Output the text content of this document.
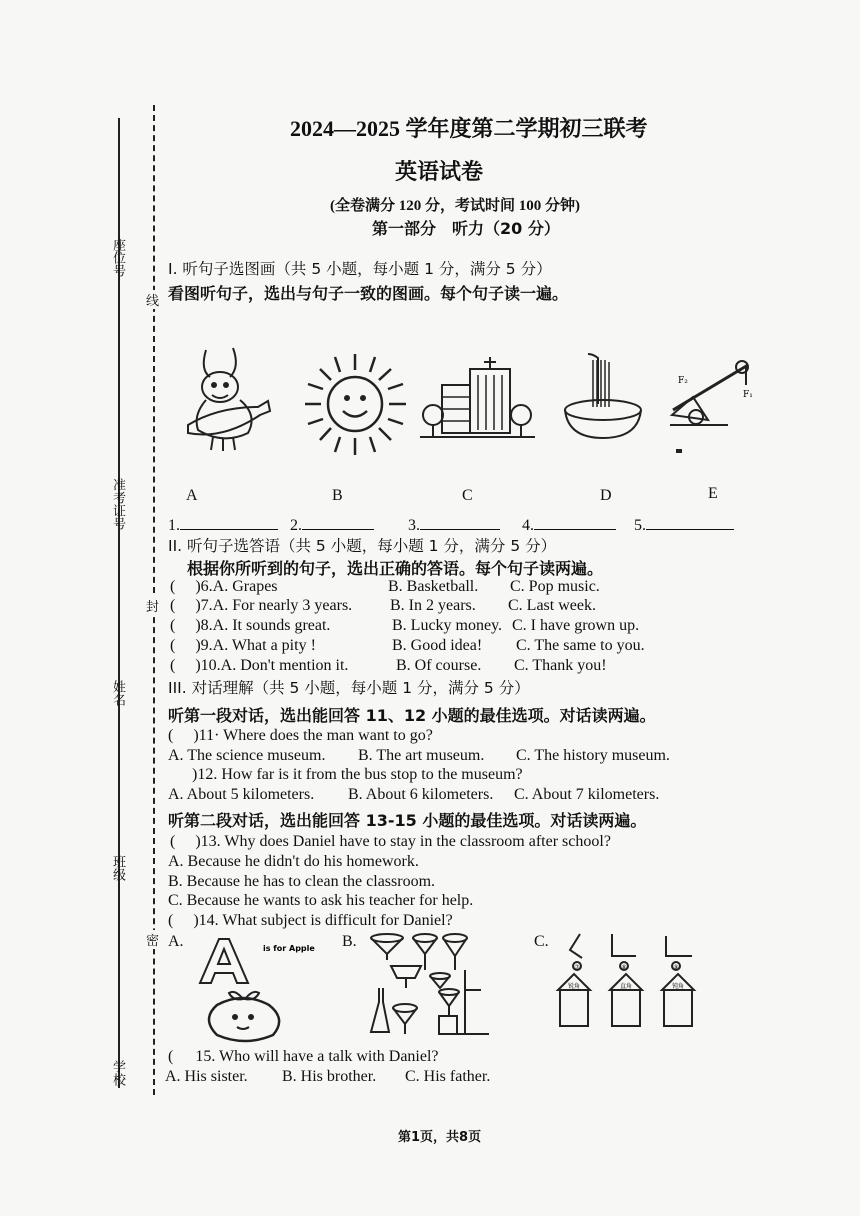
座位号
准考证号
姓名
班级
学校
线
封
密
2024—2025 学年度第二学期初三联考
英语试卷
(全卷满分 120 分，考试时间 100 分钟)
第一部分　听力（20 分）
I. 听句子选图画（共 5 小题，每小题 1 分，满分 5 分）
看图听句子，选出与句子一致的图画。每个句子读一遍。
F₂
F₁
A	B	C	D	E
1.	2.	3.	4.	5.
II. 听句子选答语（共 5 小题，每小题 1 分，满分 5 分）
根据你所听到的句子，选出正确的答语。每个句子读两遍。
( )6.A. Grapes	B. Basketball. C. Pop music.
( )7.A. For nearly 3 years. B. In 2 years. C. Last week.
( )8.A. It sounds great.	B. Lucky money. C. I have grown up.
( )9.A. What a pity !	B. Good idea! C. The same to you.
( )10.A. Don't mention it.	B. Of course. C. Thank you!
III. 对话理解（共 5 小题，每小题 1 分，满分 5 分）
听第一段对话，选出能回答 11、12 小题的最佳选项。对话读两遍。
( )11· Where does the man want to go?
A. The science museum. B. The art museum. C. The history museum.
)12. How far is it from the bus stop to the museum?
A. About 5 kilometers. B. About 6 kilometers. C. About 7 kilometers.
听第二段对话，选出能回答 13-15 小题的最佳选项。对话读两遍。
( )13. Why does Daniel have to stay in the classroom after school?
A. Because he didn't do his homework.
B. Because he has to clean the classroom.
C. Because he wants to ask his teacher for help.
( )14. What subject is difficult for Daniel?
A.	B.	C.
is for Apple
⑦	⑧	⑨
锐角	直角	钝角
( 15. Who will have a talk with Daniel?
A. His sister. B. His brother. C. His father.
第1页，共8页
